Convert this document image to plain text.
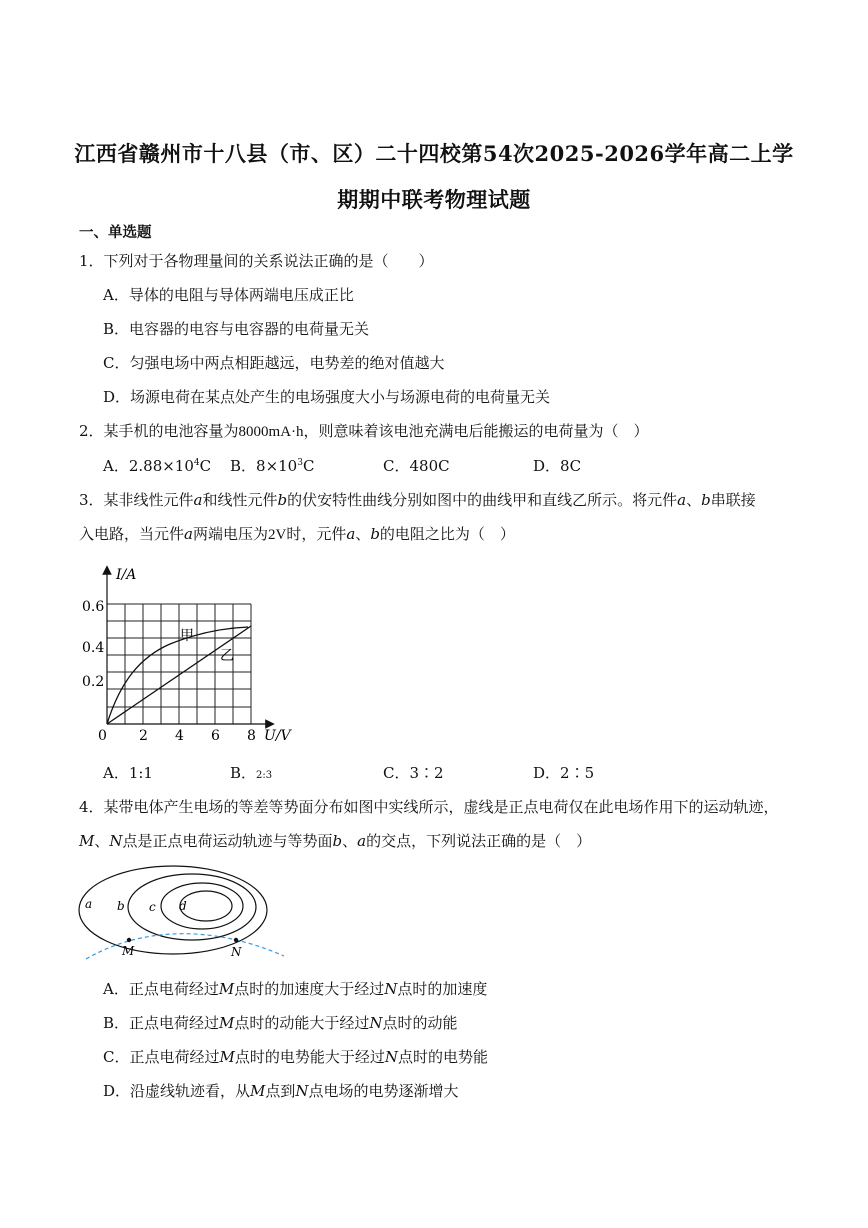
江西省赣州市十八县（市、区）二十四校第54次2025-2026学年高二上学
期期中联考物理试题
一、单选题
1．下列对于各物理量间的关系说法正确的是（　　）
A．导体的电阻与导体两端电压成正比
B．电容器的电容与电容器的电荷量无关
C．匀强电场中两点相距越远，电势差的绝对值越大
D．场源电荷在某点处产生的电场强度大小与场源电荷的电荷量无关
2．某手机的电池容量为8000mA·h，则意味着该电池充满电后能搬运的电荷量为（　）
A．$2.88\times 10^4C$ B．$8\times 10^3C$	C．480C	D．8C
3．某非线性元件a和线性元件b的伏安特性曲线分别如图中的曲线甲和直线乙所示。将元件a、b串联接
入电路，当元件a两端电压为2V时，元件a、b的电阻之比为（　）
I/A
U/V
0 2 4 6 8
0.2
0.4
0.6
甲
乙
A．1:1	B．2:3	C．3∶2	D．2∶5
4．某带电体产生电场的等差等势面分布如图中实线所示，虚线是正点电荷仅在此电场作用下的运动轨迹，
M、N点是正点电荷运动轨迹与等势面b、a的交点，下列说法正确的是（　）
a b c d
M	N
A．正点电荷经过M点时的加速度大于经过N点时的加速度
B．正点电荷经过M点时的动能大于经过N点时的动能
C．正点电荷经过M点时的电势能大于经过N点时的电势能
D．沿虚线轨迹看，从M点到N点电场的电势逐渐增大
